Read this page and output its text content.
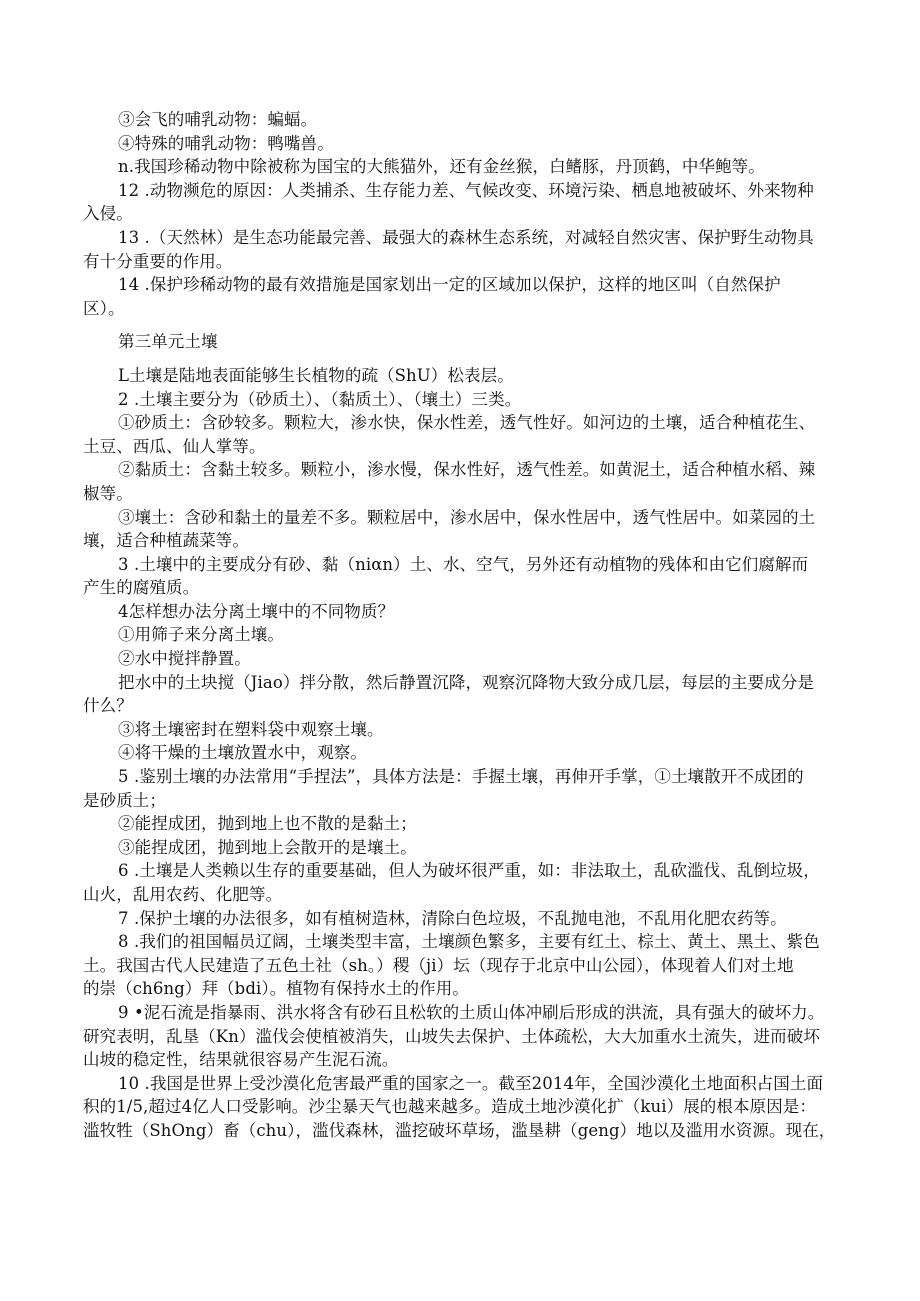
③会飞的哺乳动物：蝙蝠。
④特殊的哺乳动物：鸭嘴兽。
n.我国珍稀动物中除被称为国宝的大熊猫外，还有金丝猴，白鳍豚，丹顶鹤，中华鲍等。
12 .动物濒危的原因：人类捕杀、生存能力差、气候改变、环境污染、栖息地被破坏、外来物种
入侵。
13 .（天然林）是生态功能最完善、最强大的森林生态系统，对减轻自然灾害、保护野生动物具
有十分重要的作用。
14 .保护珍稀动物的最有效措施是国家划出一定的区域加以保护，这样的地区叫（自然保护
区）。
第三单元土壤
L土壤是陆地表面能够生长植物的疏（ShU）松表层。
2 .土壤主要分为（砂质土）、（黏质土）、（壤土）三类。
①砂质土：含砂较多。颗粒大，渗水快，保水性差，透气性好。如河边的土壤，适合种植花生、
土豆、西瓜、仙人掌等。
②黏质土：含黏土较多。颗粒小，渗水慢，保水性好，透气性差。如黄泥土，适合种植水稻、辣
椒等。
③壤土：含砂和黏土的量差不多。颗粒居中，渗水居中，保水性居中，透气性居中。如菜园的土
壤，适合种植蔬菜等。
3 .土壤中的主要成分有砂、黏（niαn）土、水、空气，另外还有动植物的残体和由它们腐解而
产生的腐殖质。
4怎样想办法分离土壤中的不同物质？
①用筛子来分离土壤。
②水中搅拌静置。
把水中的土块搅（Jiao）拌分散，然后静置沉降，观察沉降物大致分成几层，每层的主要成分是
什么？
③将土壤密封在塑料袋中观察土壤。
④将干燥的土壤放置水中，观察。
5 .鉴别土壤的办法常用“手捏法”，具体方法是：手握土壤，再伸开手掌，①土壤散开不成团的
是砂质土；
②能捏成团，抛到地上也不散的是黏土；
③能捏成团，抛到地上会散开的是壤土。
6 .土壤是人类赖以生存的重要基础，但人为破坏很严重，如：非法取土，乱砍滥伐、乱倒垃圾，
山火，乱用农药、化肥等。
7 .保护土壤的办法很多，如有植树造林，清除白色垃圾，不乱抛电池，不乱用化肥农药等。
8 .我们的祖国幅员辽阔，土壤类型丰富，土壤颜色繁多，主要有红土、棕土、黄土、黑土、紫色
土。我国古代人民建造了五色土社（sh。）稷（ji）坛（现存于北京中山公园），体现着人们对土地
的崇（ch6ng）拜（bdi）。植物有保持水土的作用。
9 •泥石流是指暴雨、洪水将含有砂石且松软的土质山体冲刷后形成的洪流，具有强大的破坏力。
研究表明，乱垦（Kn）滥伐会使植被消失，山坡失去保护、土体疏松，大大加重水土流失，进而破坏
山坡的稳定性，结果就很容易产生泥石流。
10 .我国是世界上受沙漠化危害最严重的国家之一。截至2014年，全国沙漠化土地面积占国土面
积的1/5,超过4亿人口受影响。沙尘暴天气也越来越多。造成土地沙漠化扩（kui）展的根本原因是：
滥牧牲（ShOng）畜（chu），滥伐森林，滥挖破坏草场，滥垦耕（geng）地以及滥用水资源。现在，
